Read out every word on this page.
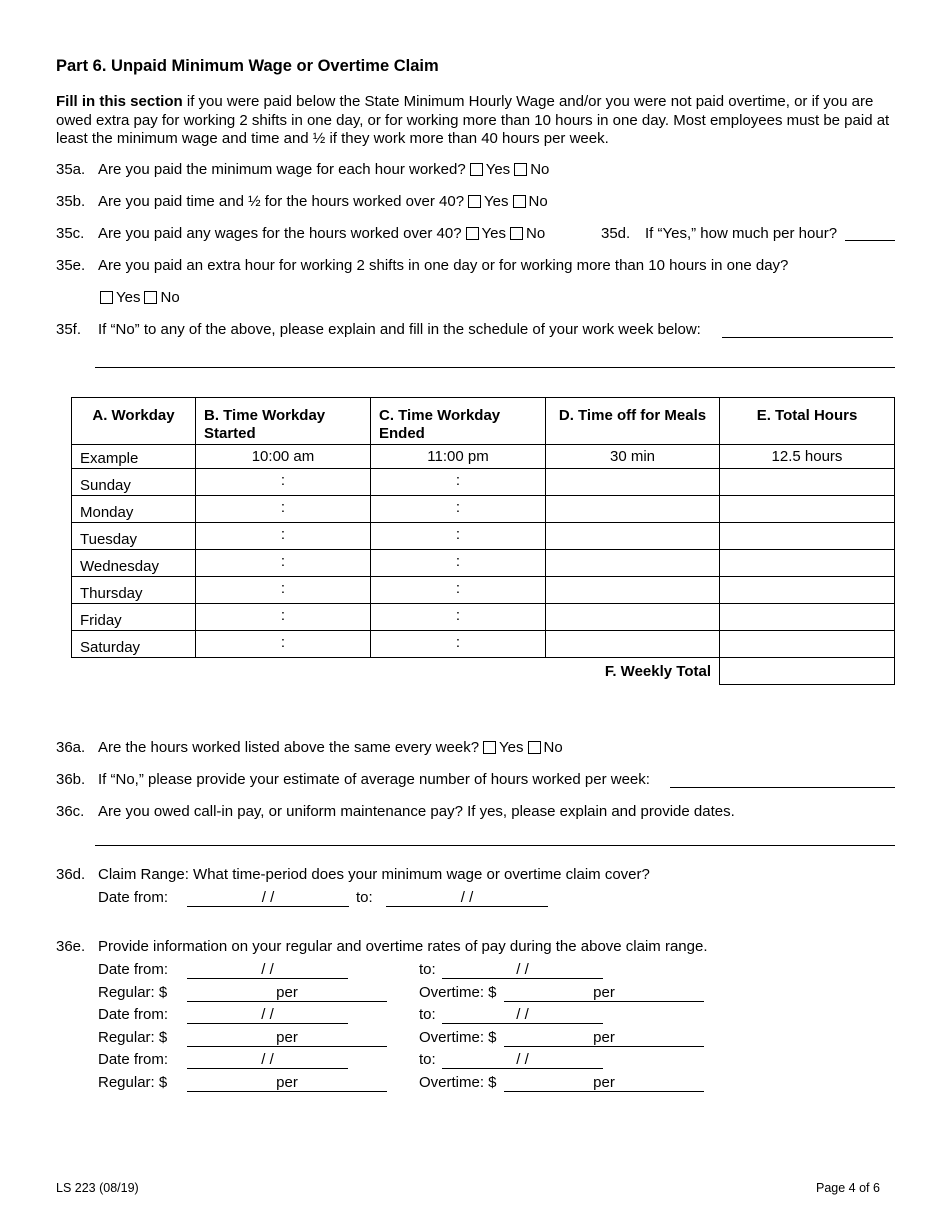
Part 6. Unpaid Minimum Wage or Overtime Claim
Fill in this section if you were paid below the State Minimum Hourly Wage and/or you were not paid overtime, or if you are owed extra pay for working 2 shifts in one day, or for working more than 10 hours in one day. Most employees must be paid at least the minimum wage and time and ½ if they work more than 40 hours per week.
35a. Are you paid the minimum wage for each hour worked? Yes No
35b. Are you paid time and ½ for the hours worked over 40? Yes No
35c. Are you paid any wages for the hours worked over 40? Yes No	35d. If “Yes,” how much per hour?
35e. Are you paid an extra hour for working 2 shifts in one day or for working more than 10 hours in one day?
Yes No
35f. If “No” to any of the above, please explain and fill in the schedule of your work week below:
A. Workday	B. Time Workday Started	C. Time Workday Ended	D. Time off for Meals	E. Total Hours
Example	10:00 am	11:00 pm	30 min	12.5 hours
Sunday	:	:		
Monday	:	:		
Tuesday	:	:		
Wednesday	:	:		
Thursday	:	:		
Friday	:	:		
Saturday	:	:		
			F. Weekly Total	
36a. Are the hours worked listed above the same every week? Yes No
36b. If “No,” please provide your estimate of average number of hours worked per week:
36c. Are you owed call-in pay, or uniform maintenance pay? If yes, please explain and provide dates.
36d. Claim Range: What time-period does your minimum wage or overtime claim cover?
Date from:	/ /	to:	/ /
36e. Provide information on your regular and overtime rates of pay during the above claim range.
Date from:	/ /	to:	/ /
Regular: $	per	Overtime: $	per
Date from:	/ /	to:	/ /
Regular: $	per	Overtime: $	per
Date from:	/ /	to:	/ /
Regular: $	per	Overtime: $	per
LS 223 (08/19)	Page 4 of 6
